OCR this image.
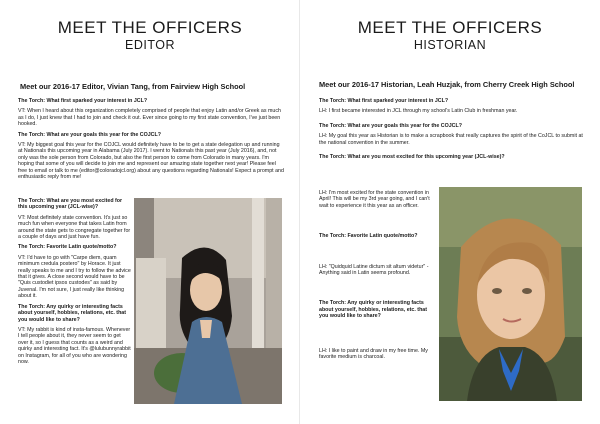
MEET THE OFFICERS
EDITOR
Meet our 2016-17 Editor, Vivian Tang, from Fairview High School

The Torch: What first sparked your interest in JCL?

VT: When I heard about this organization completely comprised of people that enjoy Latin and/or Greek as much as I do, I just knew that I had to join and check it out. Ever since going to my first state convention, I've just been hooked.

The Torch: What are your goals this year for the COJCL?

VT: My biggest goal this year for the COJCL would definitely have to be to get a state delegation up and running at Nationals this upcoming year in Alabama (July 2017). I went to Nationals this past year (July 2016), and, not only was the sole person from Colorado, but also the first person to come from Colorado in many years. I'm hoping that some of you will decide to join me and represent our amazing state together next year! Please feel free to email or talk to me (editor@coloradojcl.org) about any questions regarding Nationals! Expect a prompt and enthusiastic reply from me!

The Torch: What are you most excited for this upcoming year (JCL-wise)?

VT: Most definitely state convention. It's just so much fun when everyone that takes Latin from around the state gets to congregate together for a couple of days and just have fun.

The Torch: Favorite Latin quote/motto?

VT: I'd have to go with "Carpe diem, quam minimum credula postero" by Horace. It just really speaks to me and I try to follow the advice that it gives. A close second would have to be "Quis custodiet ipsos custodes" as said by Juvenal. I'm not sure, I just really like thinking about it.

The Torch: Any quirky or interesting facts about yourself, hobbies, relations, etc. that you would like to share?

VT: My rabbit is kind of insta-famous. Whenever I tell people about it, they never seem to get over it, so I guess that counts as a weird and quirky and interesting fact. It's @lulubunnyrabbit on Instagram, for all of you who are wondering now.

MEET THE OFFICERS
HISTORIAN
Meet our 2016-17 Historian, Leah Huzjak, from Cherry Creek High School

The Torch: What first sparked your interest in JCL?

LH: I first became interested in JCL through my school's Latin Club in freshman year.

The Torch: What are your goals this year for the COJCL?

LH: My goal this year as Historian is to make a scrapbook that really captures the spirit of the CoJCL to submit at the national convention in the summer.

The Torch: What are you most excited for this upcoming year (JCL-wise)?

LH: I'm most excited for the state convention in April! This will be my 3rd year going, and I can't wait to experience it this year as an officer.

The Torch: Favorite Latin quote/motto?

LH: "Quidquid Latine dictum sit altum videtur" - Anything said in Latin seems profound.

The Torch: Any quirky or interesting facts about yourself, hobbies, relations, etc. that you would like to share?

LH: I like to paint and draw in my free time. My favorite medium is charcoal.
